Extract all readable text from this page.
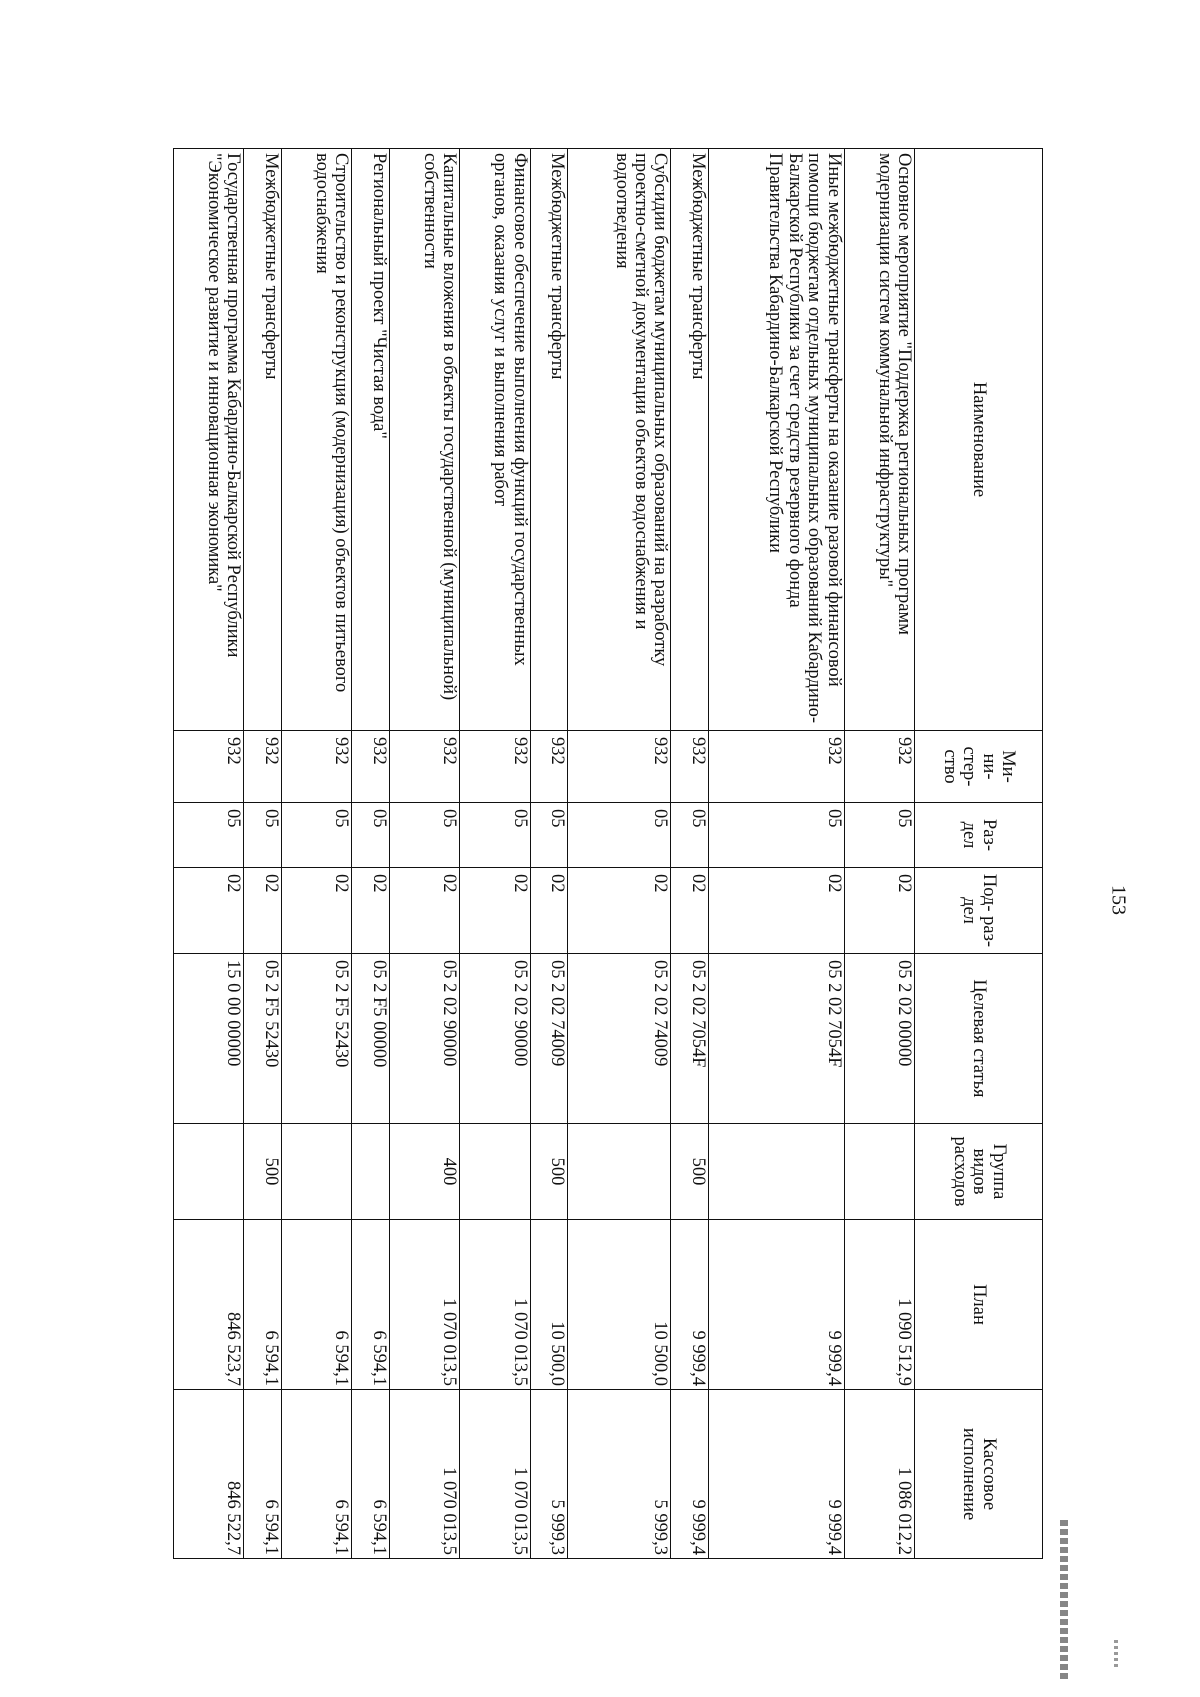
153
Наименование	Ми- ни- стер- ство	Раз- дел	Под- раз- дел	Целевая статья	Группа видов расходов	План	Кассовое исполнение
Основное мероприятие "Поддержка региональных программ модернизации систем коммунальной инфраструктуры"	932	05	02	05 2 02 00000		1 090 512,9	1 086 012,2
Иные межбюджетные трансферты на оказание разовой финансовой помощи бюджетам отдельных муниципальных образований Кабардино-Балкарской Республики за счет средств резервного фонда Правительства Кабардино-Балкарской Республики	932	05	02	05 2 02 7054F		9 999,4	9 999,4
Межбюджетные трансферты	932	05	02	05 2 02 7054F	500	9 999,4	9 999,4
Субсидии бюджетам муниципальных образований на разработку проектно-сметной документации объектов водоснабжения и водоотведения	932	05	02	05 2 02 74009		10 500,0	5 999,3
Межбюджетные трансферты	932	05	02	05 2 02 74009	500	10 500,0	5 999,3
Финансовое обеспечение выполнения функций государственных органов, оказания услуг и выполнения работ	932	05	02	05 2 02 90000		1 070 013,5	1 070 013,5
Капитальные вложения в объекты государственной (муниципальной) собственности	932	05	02	05 2 02 90000	400	1 070 013,5	1 070 013,5
Региональный проект "Чистая вода"	932	05	02	05 2 F5 00000		6 594,1	6 594,1
Строительство и реконструкция (модернизация) объектов питьевого водоснабжения	932	05	02	05 2 F5 52430		6 594,1	6 594,1
Межбюджетные трансферты	932	05	02	05 2 F5 52430	500	6 594,1	6 594,1
Государственная программа Кабардино-Балкарской Республики "Экономическое развитие и инновационная экономика"	932	05	02	15 0 00 00000		846 523,7	846 522,7
